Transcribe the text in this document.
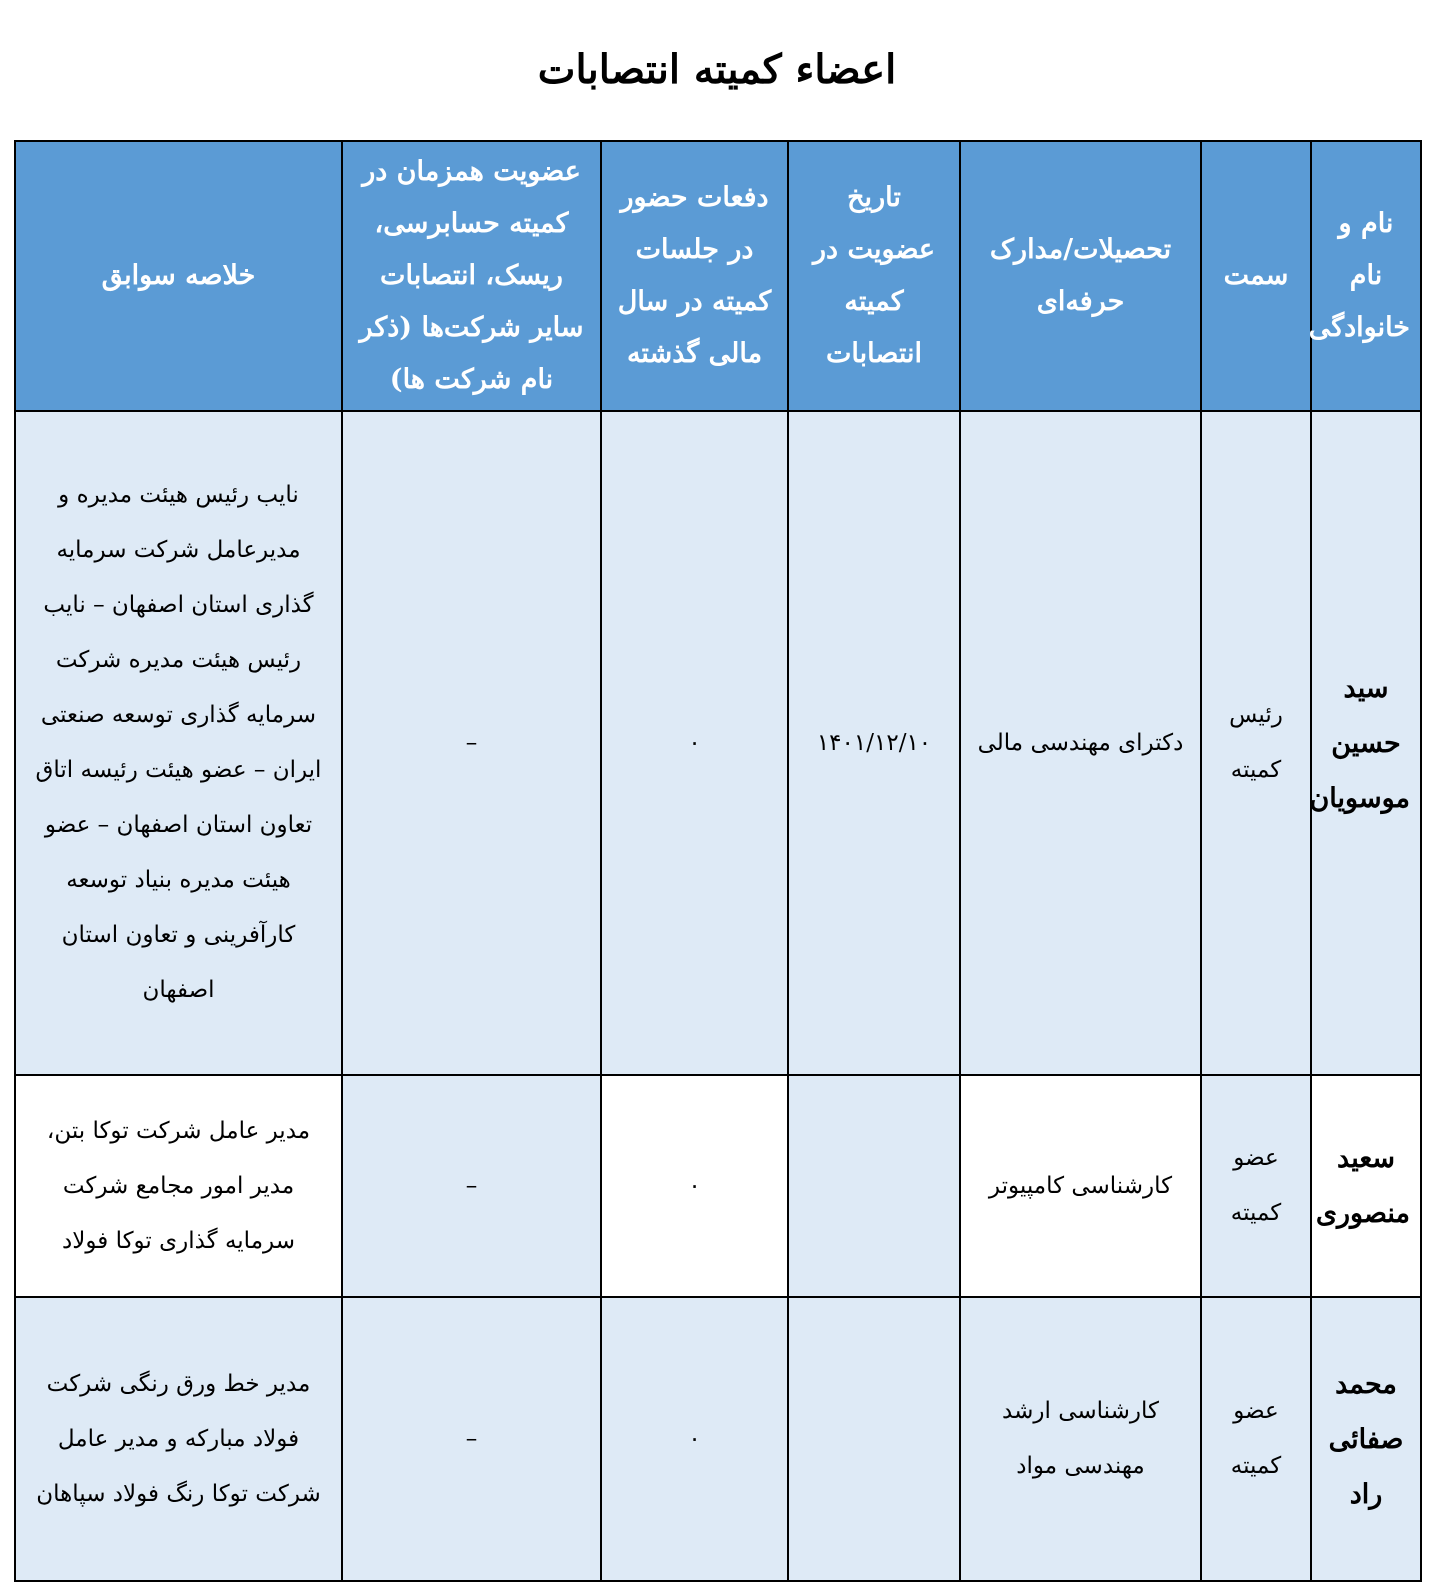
اعضاء کمیته انتصابات
نام و نام خانوادگی	سمت	تحصیلات/مدارک حرفه‌ای	تاریخ عضویت در کمیته انتصابات	دفعات حضور در جلسات کمیته در سال مالی گذشته	عضویت همزمان در کمیته حسابرسی، ریسک، انتصابات سایر شرکت‌ها (ذکر نام شرکت ها)	خلاصه سوابق
سید حسین موسویان	رئیس کمیته	دکترای مهندسی مالی	۱۴۰۱/۱۲/۱۰	۰	–	نایب رئیس هیئت مدیره و مدیرعامل شرکت سرمایه گذاری استان اصفهان – نایب رئیس هیئت مدیره شرکت سرمایه گذاری توسعه صنعتی ایران – عضو هیئت رئیسه اتاق تعاون استان اصفهان – عضو هیئت مدیره بنیاد توسعه کارآفرینی و تعاون استان اصفهان
سعید منصوری	عضو کمیته	کارشناسی کامپیوتر		۰	–	مدیر عامل شرکت توکا بتن، مدیر امور مجامع شرکت سرمایه گذاری توکا فولاد
محمد صفائی راد	عضو کمیته	کارشناسی ارشد مهندسی مواد		۰	–	مدیر خط ورق رنگی شرکت فولاد مبارکه و مدیر عامل شرکت توکا رنگ فولاد سپاهان
